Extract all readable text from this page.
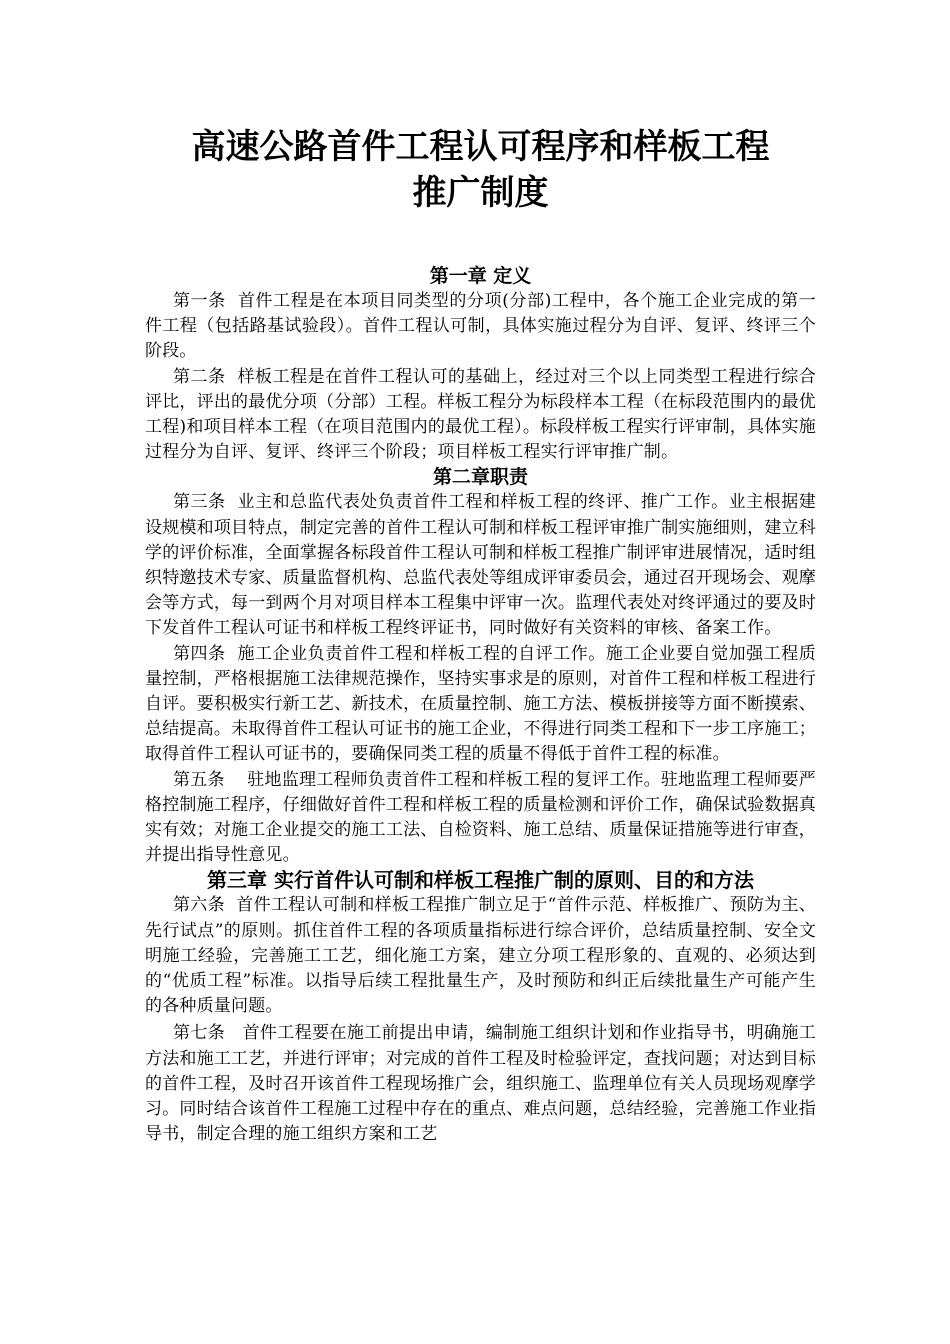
高速公路首件工程认可程序和样板工程
推广制度
第一章 定义

第一条 首件工程是在本项目同类型的分项(分部)工程中，各个施工企业完成的第一件工程（包括路基试验段）。首件工程认可制，具体实施过程分为自评、复评、终评三个阶段。

第二条 样板工程是在首件工程认可的基础上，经过对三个以上同类型工程进行综合评比，评出的最优分项（分部）工程。样板工程分为标段样本工程（在标段范围内的最优工程)和项目样本工程（在项目范围内的最优工程）。标段样板工程实行评审制，具体实施过程分为自评、复评、终评三个阶段；项目样板工程实行评审推广制。

第二章职责

第三条 业主和总监代表处负责首件工程和样板工程的终评、推广工作。业主根据建设规模和项目特点，制定完善的首件工程认可制和样板工程评审推广制实施细则，建立科学的评价标准，全面掌握各标段首件工程认可制和样板工程推广制评审进展情况，适时组织特邀技术专家、质量监督机构、总监代表处等组成评审委员会，通过召开现场会、观摩会等方式，每一到两个月对项目样本工程集中评审一次。监理代表处对终评通过的要及时下发首件工程认可证书和样板工程终评证书，同时做好有关资料的审核、备案工作。

第四条 施工企业负责首件工程和样板工程的自评工作。施工企业要自觉加强工程质量控制，严格根据施工法律规范操作，坚持实事求是的原则，对首件工程和样板工程进行自评。要积极实行新工艺、新技术，在质量控制、施工方法、模板拼接等方面不断摸索、总结提高。未取得首件工程认可证书的施工企业，不得进行同类工程和下一步工序施工；取得首件工程认可证书的，要确保同类工程的质量不得低于首件工程的标准。

第五条 驻地监理工程师负责首件工程和样板工程的复评工作。驻地监理工程师要严格控制施工程序，仔细做好首件工程和样板工程的质量检测和评价工作，确保试验数据真实有效；对施工企业提交的施工工法、自检资料、施工总结、质量保证措施等进行审查，并提出指导性意见。

第三章 实行首件认可制和样板工程推广制的原则、目的和方法

第六条 首件工程认可制和样板工程推广制立足于“首件示范、样板推广、预防为主、先行试点”的原则。抓住首件工程的各项质量指标进行综合评价，总结质量控制、安全文明施工经验，完善施工工艺，细化施工方案，建立分项工程形象的、直观的、必须达到的“优质工程”标准。以指导后续工程批量生产，及时预防和纠正后续批量生产可能产生的各种质量问题。

第七条 首件工程要在施工前提出申请，编制施工组织计划和作业指导书，明确施工方法和施工工艺，并进行评审；对完成的首件工程及时检验评定，查找问题；对达到目标的首件工程，及时召开该首件工程现场推广会，组织施工、监理单位有关人员现场观摩学习。同时结合该首件工程施工过程中存在的重点、难点问题，总结经验，完善施工作业指导书，制定合理的施工组织方案和工艺
